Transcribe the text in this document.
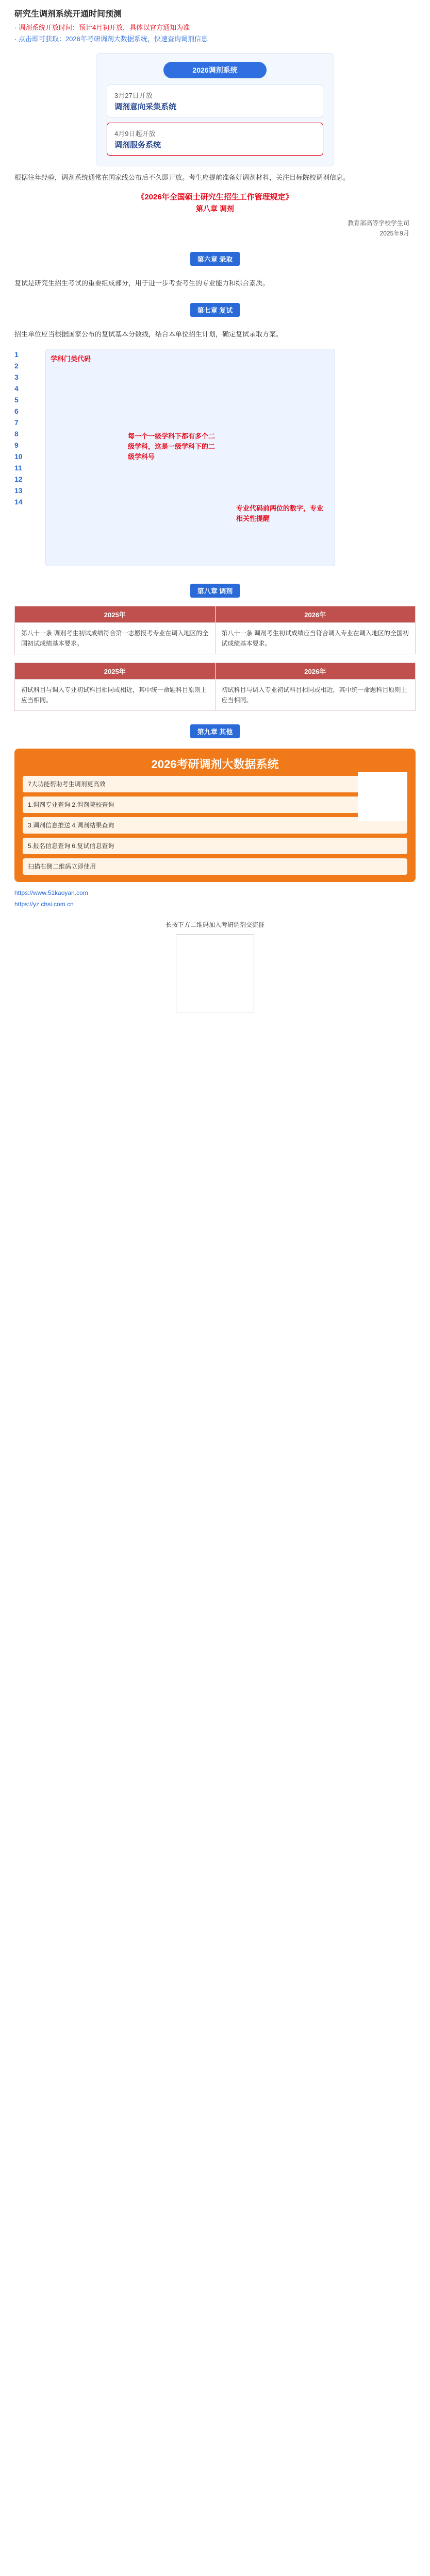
研究生调剂系统开通时间预测
· 调剂系统开放时间：预计4月初开放，具体以官方通知为准
· 点击即可获取：2026年考研调剂大数据系统，快速查询调剂信息
2026调剂系统
3月27日开放
调剂意向采集系统
4月9日起开放
调剂服务系统
根据往年经验，调剂系统通常在国家线公布后不久即开放。考生应提前准备好调剂材料，关注目标院校调剂信息。
《2026年全国硕士研究生招生工作管理规定》
第八章 调剂
教育部高等学校学生司
2025年9月
第六章 录取
复试是研究生招生考试的重要组成部分，用于进一步考查考生的专业能力和综合素质。
第七章 复试
招生单位应当根据国家公布的复试基本分数线，结合本单位招生计划，确定复试录取方案。
1
2
3
4
5
6
7
8
9
10
11
12
13
14
学科门类代码
每一个一级学科下都有多个二级学科，这是一级学科下的二级学科号
专业代码前两位的数字，专业相关性提醒
第八章 调剂
2025年	2026年
第八十一条 调剂考生初试成绩符合第一志愿报考专业在调入地区的全国初试成绩基本要求。
第八十一条 调剂考生初试成绩应当符合调入专业在调入地区的全国初试成绩基本要求。
2025年	2026年
初试科目与调入专业初试科目相同或相近，其中统一命题科目原则上应当相同。
初试科目与调入专业初试科目相同或相近，其中统一命题科目原则上应当相同。
第九章 其他
2026考研调剂大数据系统
7大功能帮助考生调剂更高效
1.调剂专业查询 2.调剂院校查询
3.调剂信息推送 4.调剂结果查询
5.报名信息查询 6.复试信息查询
扫描右侧二维码立即使用
https://www.51kaoyan.com
https://yz.chsi.com.cn
长按下方二维码加入考研调剂交流群
